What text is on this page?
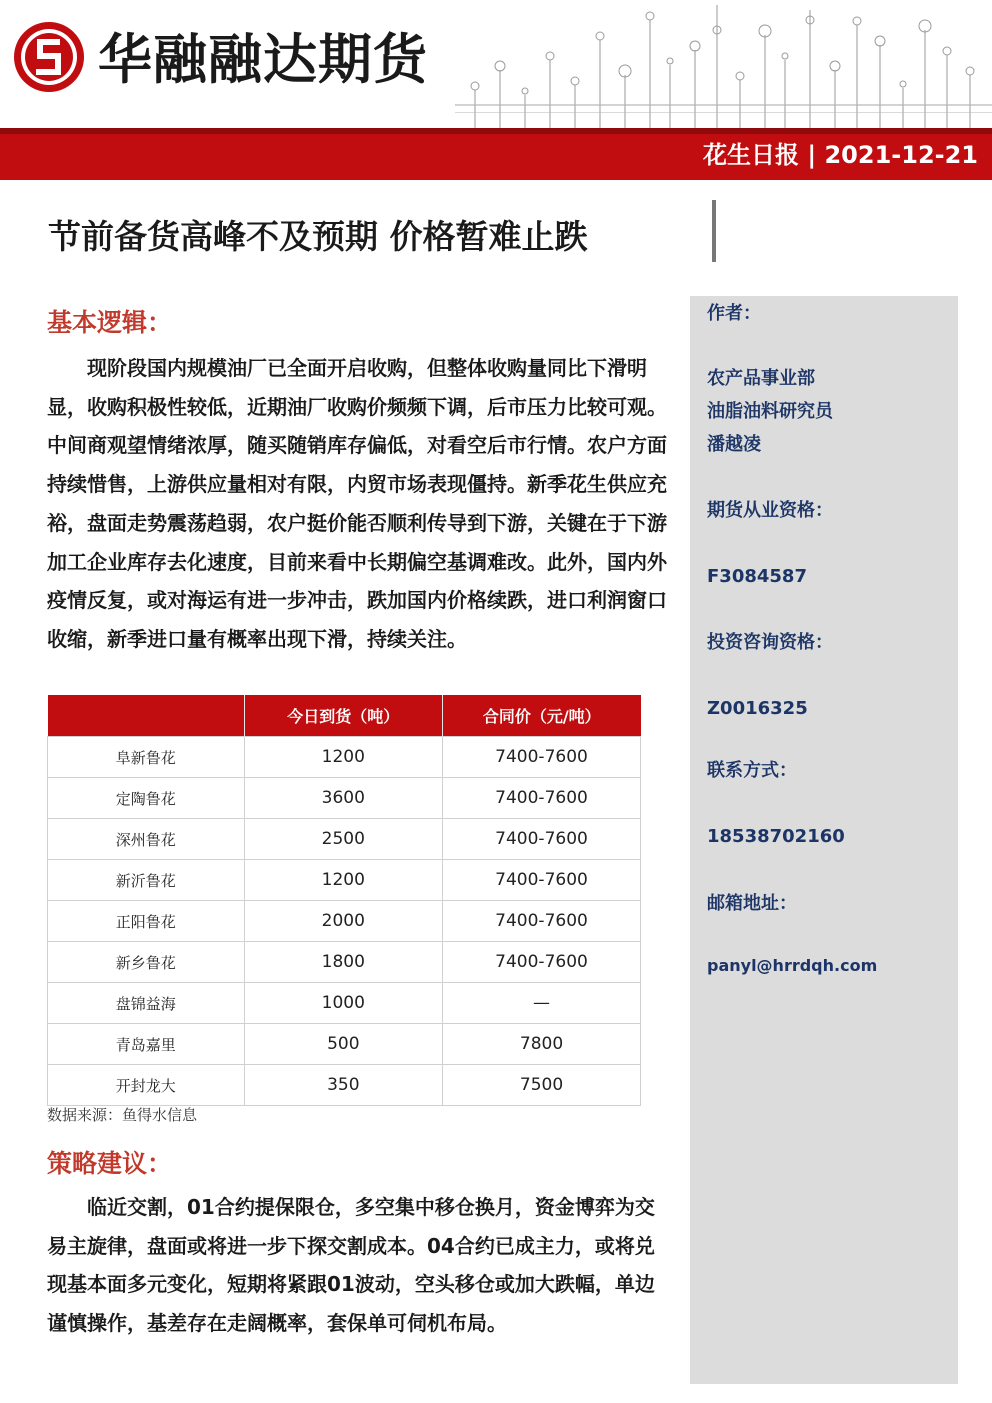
华融融达期货
花生日报 | 2021-12-21
节前备货高峰不及预期 价格暂难止跌
基本逻辑：

现阶段国内规模油厂已全面开启收购，但整体收购量同比下滑明显，收购积极性较低，近期油厂收购价频频下调，后市压力比较可观。中间商观望情绪浓厚，随买随销库存偏低，对看空后市行情。农户方面持续惜售，上游供应量相对有限，内贸市场表现僵持。新季花生供应充裕，盘面走势震荡趋弱，农户挺价能否顺利传导到下游，关键在于下游加工企业库存去化速度，目前来看中长期偏空基调难改。此外，国内外疫情反复，或对海运有进一步冲击，跌加国内价格续跌，进口利润窗口收缩，新季进口量有概率出现下滑，持续关注。

	今日到货（吨）	合同价（元/吨）
阜新鲁花	1200	7400-7600
定陶鲁花	3600	7400-7600
深州鲁花	2500	7400-7600
新沂鲁花	1200	7400-7600
正阳鲁花	2000	7400-7600
新乡鲁花	1800	7400-7600
盘锦益海	1000	—
青岛嘉里	500	7800
开封龙大	350	7500
数据来源：鱼得水信息
策略建议：

临近交割，01合约提保限仓，多空集中移仓换月，资金博弈为交易主旋律，盘面或将进一步下探交割成本。04合约已成主力，或将兑现基本面多元变化，短期将紧跟01波动，空头移仓或加大跌幅，单边谨慎操作，基差存在走阔概率，套保单可伺机布局。

作者：
农产品事业部
油脂油料研究员
潘越凌
期货从业资格：
F3084587
投资咨询资格：
Z0016325
联系方式：
18538702160
邮箱地址：
panyl@hrrdqh.com
